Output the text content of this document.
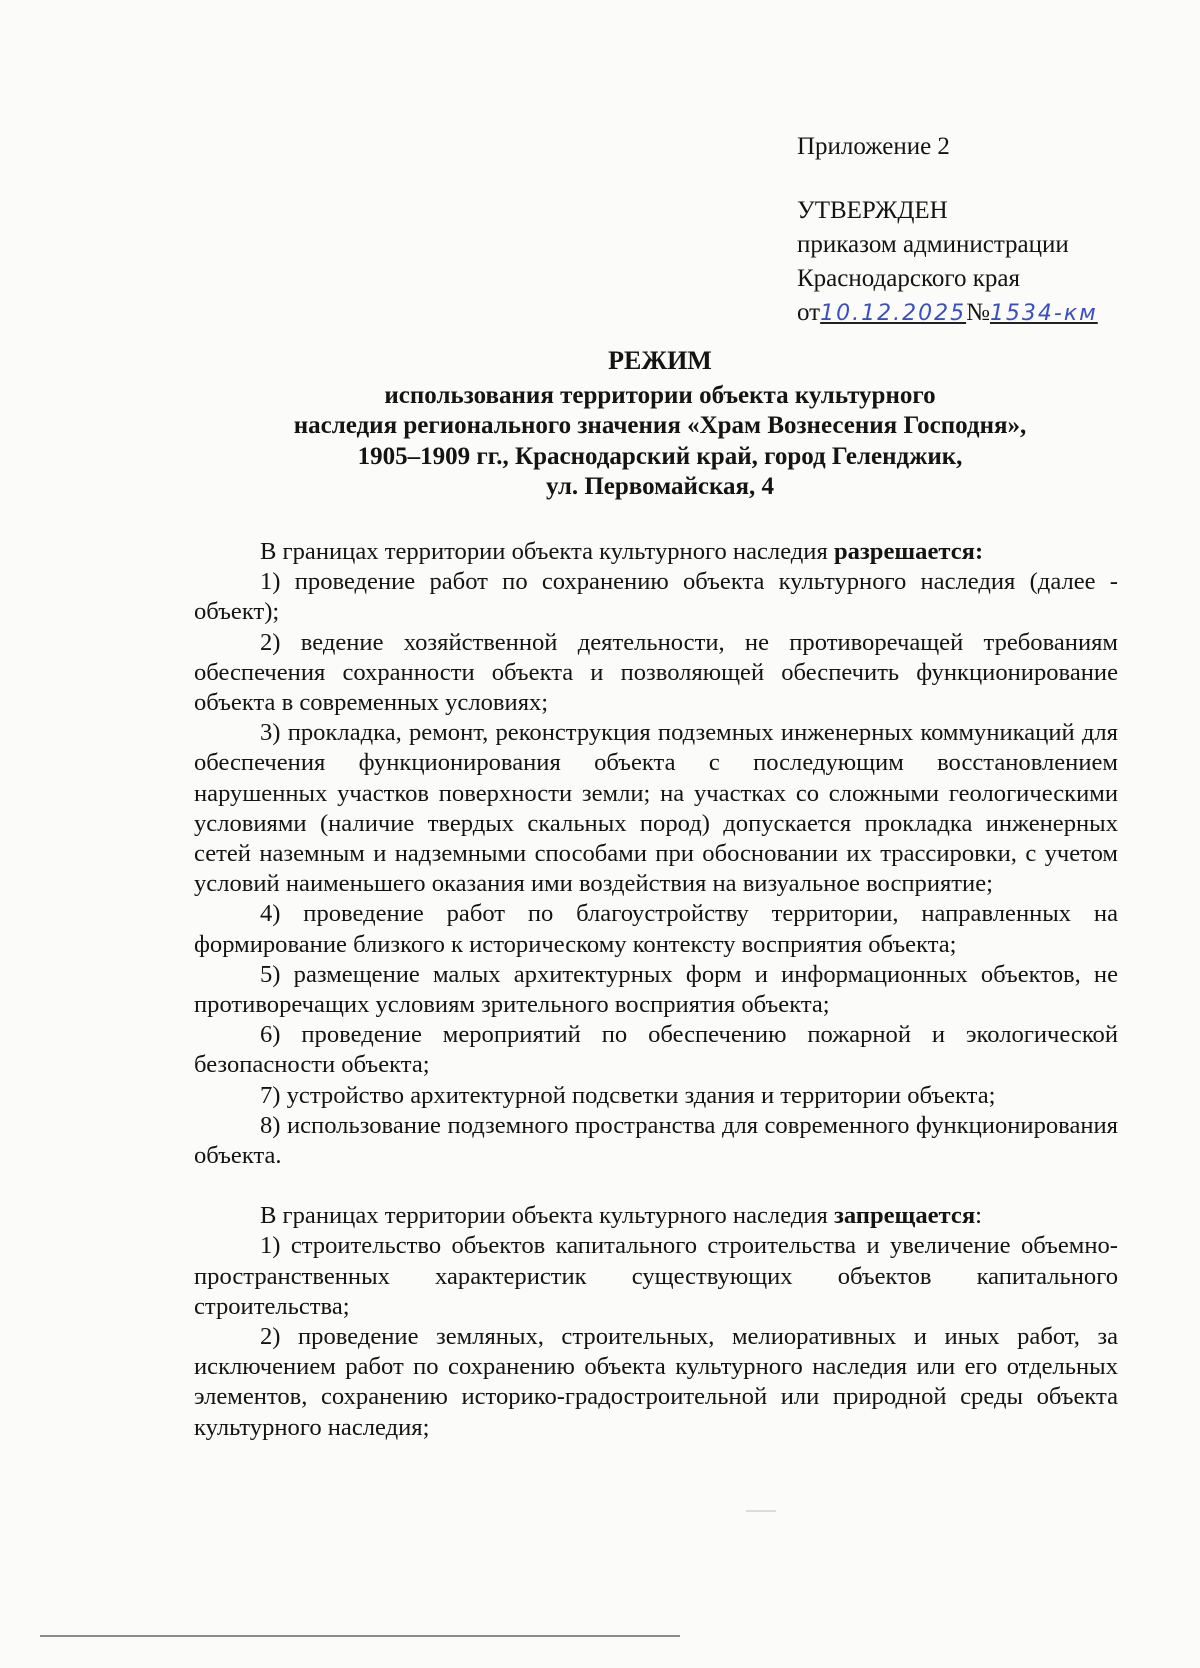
Приложение 2
УТВЕРЖДЕН
приказом администрации
Краснодарского края
от10.12.2025№1534-км
РЕЖИМ
использования территории объекта культурного
наследия регионального значения «Храм Вознесения Господня»,
1905–1909 гг., Краснодарский край, город Геленджик,
ул. Первомайская, 4
В границах территории объекта культурного наследия разрешается:
1) проведение работ по сохранению объекта культурного наследия (далее - объект);
2) ведение хозяйственной деятельности, не противоречащей требованиям обеспечения сохранности объекта и позволяющей обеспечить функционирование объекта в современных условиях;
3) прокладка, ремонт, реконструкция подземных инженерных коммуникаций для обеспечения функционирования объекта с последующим восстановлением нарушенных участков поверхности земли; на участках со сложными геологическими условиями (наличие твердых скальных пород) допускается прокладка инженерных сетей наземным и надземными способами при обосновании их трассировки, с учетом условий наименьшего оказания ими воздействия на визуальное восприятие;
4) проведение работ по благоустройству территории, направленных на формирование близкого к историческому контексту восприятия объекта;
5) размещение малых архитектурных форм и информационных объектов, не противоречащих условиям зрительного восприятия объекта;
6) проведение мероприятий по обеспечению пожарной и экологической безопасности объекта;
7) устройство архитектурной подсветки здания и территории объекта;
8) использование подземного пространства для современного функционирования объекта.
В границах территории объекта культурного наследия запрещается:
1) строительство объектов капитального строительства и увеличение объемно-пространственных характеристик существующих объектов капитального строительства;
2) проведение земляных, строительных, мелиоративных и иных работ, за исключением работ по сохранению объекта культурного наследия или его отдельных элементов, сохранению историко-градостроительной или природной среды объекта культурного наследия;
